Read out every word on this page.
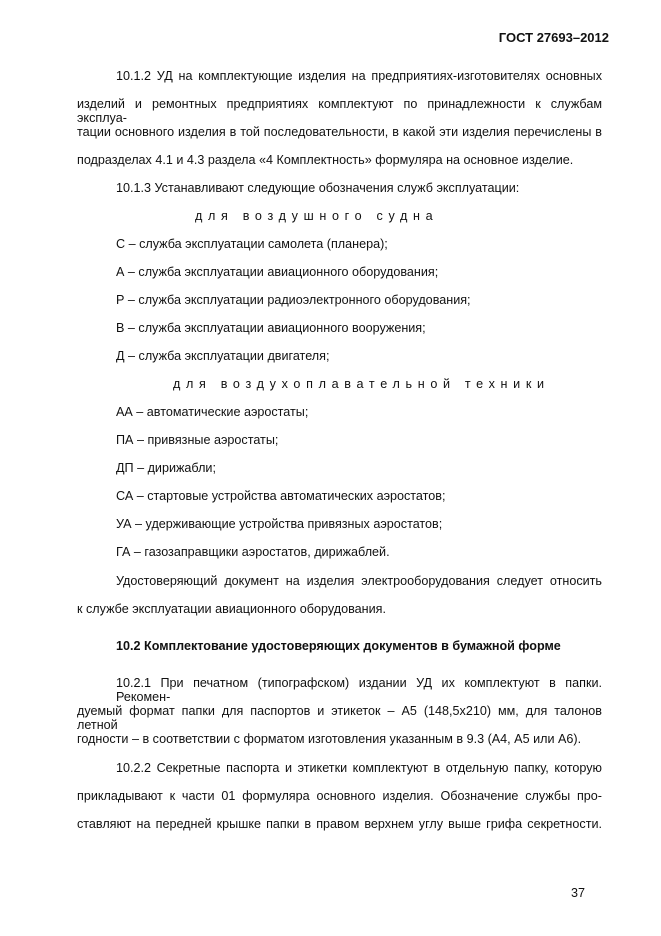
ГОСТ 27693–2012
10.1.2 УД на комплектующие изделия на предприятиях-изготовителях основных
изделий и ремонтных предприятиях комплектуют по принадлежности к службам эксплуа-
тации основного изделия в той последовательности, в какой эти изделия перечислены в
подразделах 4.1 и 4.3 раздела «4 Комплектность» формуляра на основное изделие.
10.1.3 Устанавливают следующие обозначения служб эксплуатации:
для воздушного судна
С – служба эксплуатации самолета (планера);
А – служба эксплуатации авиационного оборудования;
Р – служба эксплуатации радиоэлектронного оборудования;
В – служба эксплуатации авиационного вооружения;
Д – служба эксплуатации двигателя;
для воздухоплавательной техники
АА – автоматические аэростаты;
ПА – привязные аэростаты;
ДП – дирижабли;
СА – стартовые устройства автоматических аэростатов;
УА – удерживающие устройства привязных аэростатов;
ГА – газозаправщики аэростатов, дирижаблей.
Удостоверяющий документ на изделия электрооборудования следует относить
к службе эксплуатации авиационного оборудования.
10.2 Комплектование удостоверяющих документов в бумажной форме
10.2.1 При печатном (типографском) издании УД их комплектуют в папки. Рекомен-
дуемый формат папки для паспортов и этикеток – А5 (148,5х210) мм, для талонов летной
годности – в соответствии с форматом изготовления указанным в 9.3 (А4, А5 или А6).
10.2.2 Секретные паспорта и этикетки комплектуют в отдельную папку, которую
прикладывают к части 01 формуляра основного изделия. Обозначение службы про-
ставляют на передней крышке папки в правом верхнем углу выше грифа секретности.
37
